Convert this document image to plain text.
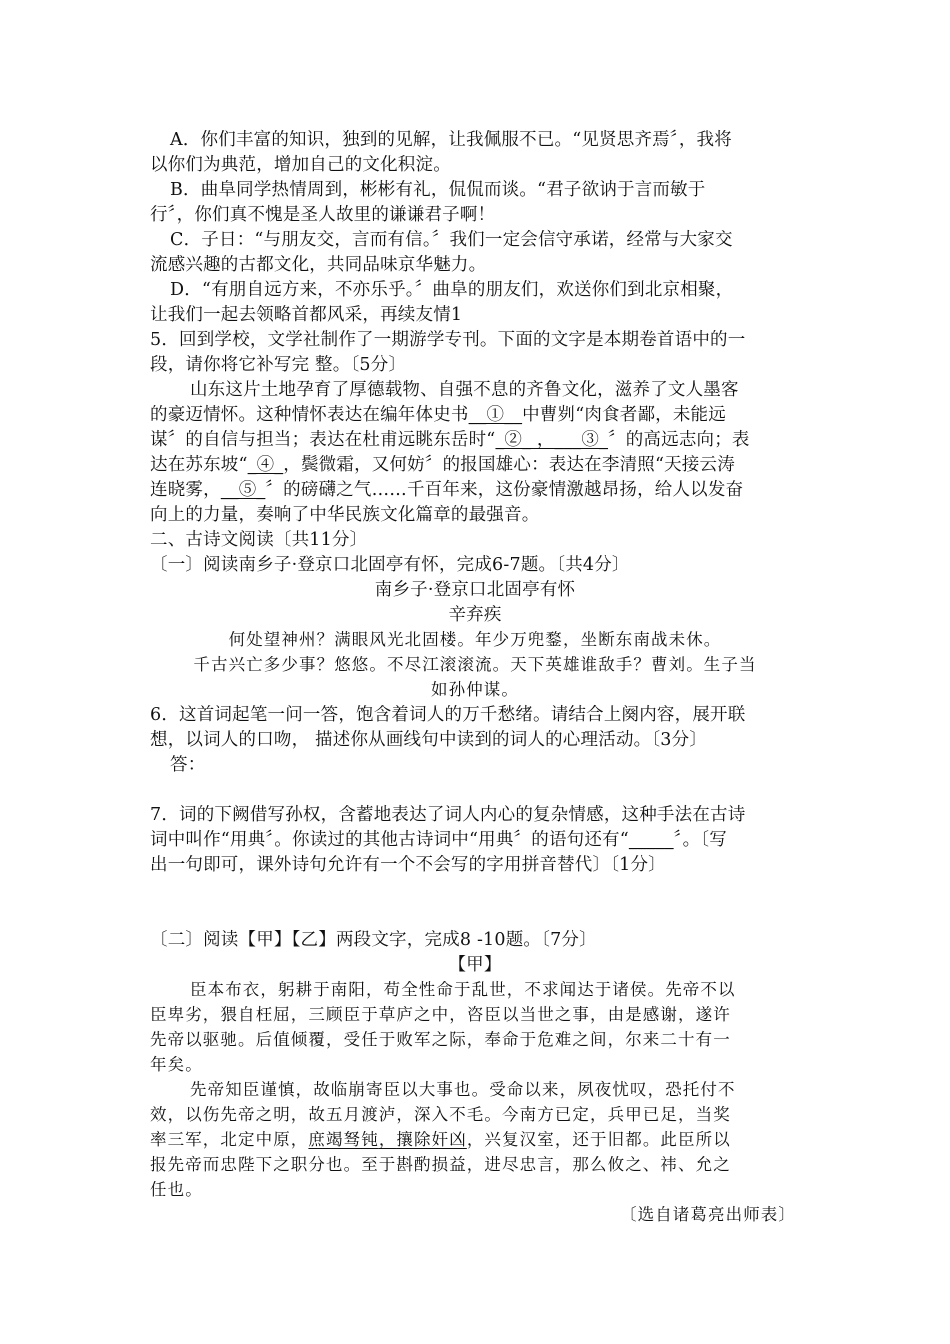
A．你们丰富的知识，独到的见解，让我佩服不已。“见贤思齐焉〞，我将
以你们为典范，增加自己的文化积淀。
B．曲阜同学热情周到，彬彬有礼，侃侃而谈。“君子欲讷于言而敏于
行〞，你们真不愧是圣人故里的谦谦君子啊！
C．子日：“与朋友交，言而有信。〞我们一定会信守承诺，经常与大家交
流感兴趣的古都文化，共同品味京华魅力。
D．“有朋自远方来，不亦乐乎。〞曲阜的朋友们，欢送你们到北京相聚，
让我们一起去领略首都风采，再续友情1
5．回到学校，文学社制作了一期游学专刊。下面的文字是本期卷首语中的一
段，请你将它补写完 整。〔5分〕
山东这片土地孕育了厚德载物、自强不息的齐鲁文化，滋养了文人墨客
的豪迈情怀。这种情怀表达在编年体史书__①__中曹刿“肉食者鄙，未能远
谋〞的自信与担当；表达在杜甫远眺东岳时“_②_ ，___③_〞的高远志向；表
达在苏东坡“_④_，鬓微霜，又何妨〞的报国雄心：表达在李清照“天接云涛
连晓雾，__⑤_〞的磅礴之气……千百年来，这份豪情激越昂扬，给人以发奋
向上的力量，奏响了中华民族文化篇章的最强音。
二、古诗文阅读〔共11分〕
〔一〕阅读南乡子·登京口北固亭有怀，完成6-7题。〔共4分〕
南乡子·登京口北固亭有怀
辛弃疾
何处望神州？满眼风光北固楼。年少万兜鍪，坐断东南战未休。
千古兴亡多少事？悠悠。不尽江滚滚流。天下英雄谁敌手？曹刘。生子当
如孙仲谋。
6．这首词起笔一问一答，饱含着词人的万千愁绪。请结合上阕内容，展开联
想，以词人的口吻， 描述你从画线句中读到的词人的心理活动。〔3分〕
答：
7．词的下阙借写孙权，含蓄地表达了词人内心的复杂情感，这种手法在古诗
词中叫作“用典〞。你读过的其他古诗词中“用典〞的语句还有“_____〞。〔写
出一句即可，课外诗句允许有一个不会写的字用拼音替代〕〔1分〕
〔二〕阅读【甲】【乙】两段文字，完成8 -10题。〔7分〕
【甲】
臣本布衣，躬耕于南阳，苟全性命于乱世，不求闻达于诸侯。先帝不以
臣卑劣，猥自枉屈，三顾臣于草庐之中，咨臣以当世之事，由是感谢，遂许
先帝以驱驰。后值倾覆，受任于败军之际，奉命于危难之间，尔来二十有一
年矣。
先帝知臣谨慎，故临崩寄臣以大事也。受命以来，夙夜忧叹，恐托付不
效，以伤先帝之明，故五月渡泸，深入不毛。今南方已定，兵甲已足，当奖
率三军，北定中原，庶竭驽钝，攘除奸凶，兴复汉室，还于旧都。此臣所以
报先帝而忠陛下之职分也。至于斟酌损益，进尽忠言，那么攸之、祎、允之
任也。
〔选自诸葛亮出师表〕
